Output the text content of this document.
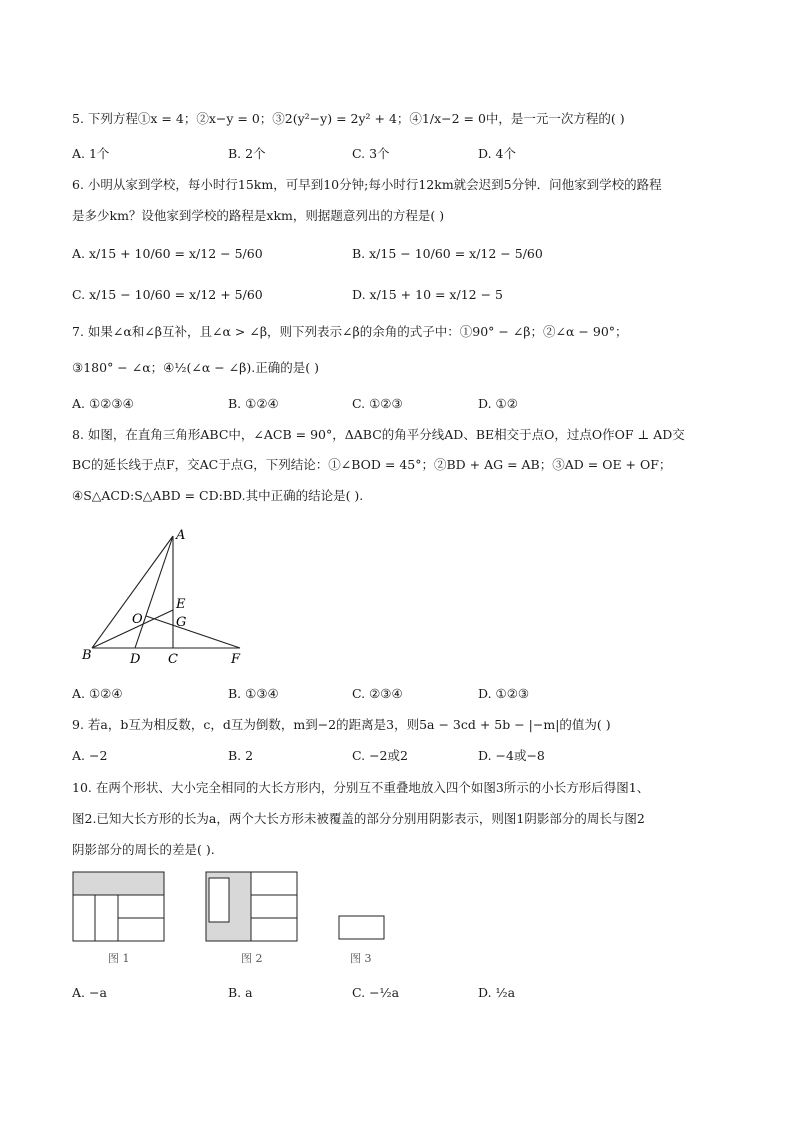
5. 下列方程①x = 4；②x−y = 0；③2(y²−y) = 2y² + 4；④1/x−2 = 0中，是一元一次方程的( )
A. 1个	B. 2个	C. 3个	D. 4个
6. 小明从家到学校，每小时行15km，可早到10分钟;每小时行12km就会迟到5分钟．问他家到学校的路程
是多少km？设他家到学校的路程是xkm，则据题意列出的方程是( )
A. x/15 + 10/60 = x/12 − 5/60	B. x/15 − 10/60 = x/12 − 5/60
C. x/15 − 10/60 = x/12 + 5/60	D. x/15 + 10 = x/12 − 5
7. 如果∠α和∠β互补，且∠α > ∠β，则下列表示∠β的余角的式子中：①90° − ∠β；②∠α − 90°；
③180° − ∠α；④½(∠α − ∠β).正确的是( )
A. ①②③④	B. ①②④	C. ①②③	D. ①②
8. 如图，在直角三角形ABC中，∠ACB = 90°，ΔABC的角平分线AD、BE相交于点O，过点O作OF ⊥ AD交
BC的延长线于点F，交AC于点G，下列结论：①∠BOD = 45°；②BD + AG = AB；③AD = OE + OF；
④S△ACD:S△ABD = CD:BD.其中正确的结论是( ).
A
B	D C
E
G
O
F
A. ①②④	B. ①③④	C. ②③④	D. ①②③
9. 若a，b互为相反数，c，d互为倒数，m到−2的距离是3，则5a − 3cd + 5b − |−m|的值为( )
A. −2	B. 2	C. −2或2	D. −4或−8
10. 在两个形状、大小完全相同的大长方形内，分别互不重叠地放入四个如图3所示的小长方形后得图1、
图2.已知大长方形的长为a，两个大长方形未被覆盖的部分分别用阴影表示，则图1阴影部分的周长与图2
阴影部分的周长的差是( ).
图 1	图 2	图 3
A. −a	B. a	C. −½a	D. ½a
